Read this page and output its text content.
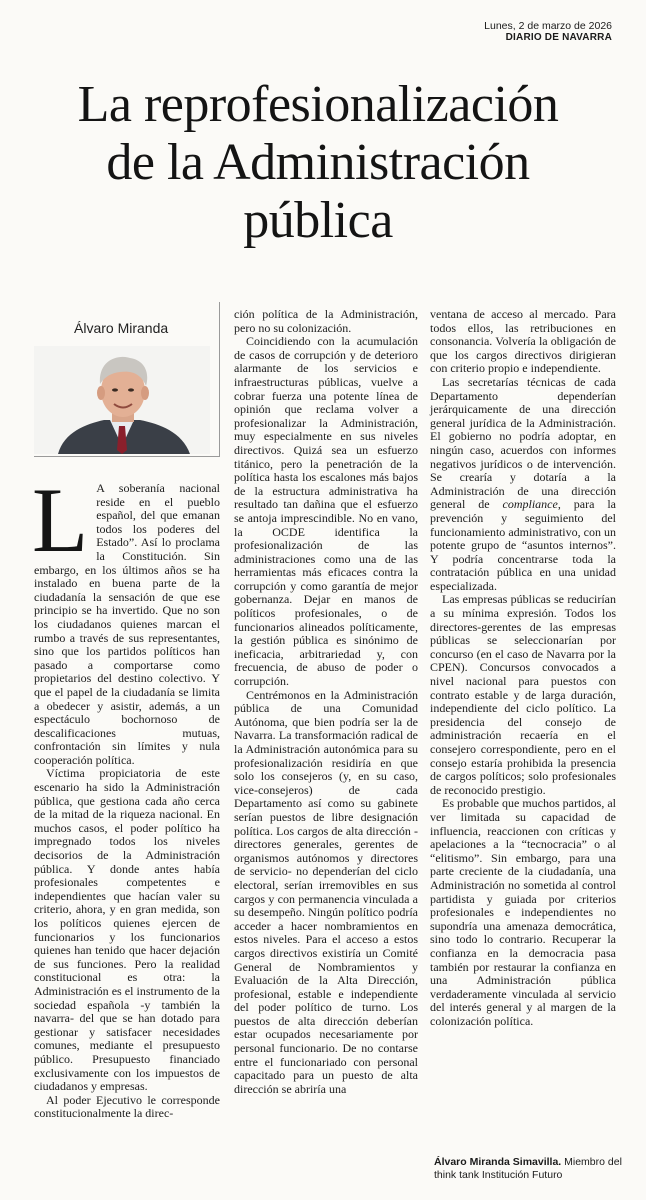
Lunes, 2 de marzo de 2026
DIARIO DE NAVARRA
La reprofesionalización
de la Administración
pública
Álvaro Miranda

L A soberanía nacional reside en el pueblo español, del que emanan todos los poderes del Estado”. Así lo proclama la Constitución. Sin embargo, en los últimos años se ha instalado en buena parte de la ciudadanía la sensación de que ese principio se ha invertido. Que no son los ciudadanos quienes marcan el rumbo a través de sus representantes, sino que los partidos políticos han pasado a comportarse como propietarios del destino colectivo. Y que el papel de la ciudadanía se limita a obedecer y asistir, además, a un espectáculo bochornoso de descalificaciones mutuas, confrontación sin límites y nula cooperación política.

Víctima propiciatoria de este escenario ha sido la Administración pública, que gestiona cada año cerca de la mitad de la riqueza nacional. En muchos casos, el poder político ha impregnado todos los niveles decisorios de la Administración pública. Y donde antes había profesionales competentes e independientes que hacían valer su criterio, ahora, y en gran medida, son los políticos quienes ejercen de funcionarios y los funcionarios quienes han tenido que hacer dejación de sus funciones. Pero la realidad constitucional es otra: la Administración es el instrumento de la sociedad española -y también la navarra- del que se han dotado para gestionar y satisfacer necesidades comunes, mediante el presupuesto público. Presupuesto financiado exclusivamente con los impuestos de ciudadanos y empresas.

Al poder Ejecutivo le corresponde constitucionalmente la direc-

ción política de la Administración, pero no su colonización.

Coincidiendo con la acumulación de casos de corrupción y de deterioro alarmante de los servicios e infraestructuras públicas, vuelve a cobrar fuerza una potente línea de opinión que reclama volver a profesionalizar la Administración, muy especialmente en sus niveles directivos. Quizá sea un esfuerzo titánico, pero la penetración de la política hasta los escalones más bajos de la estructura administrativa ha resultado tan dañina que el esfuerzo se antoja imprescindible. No en vano, la OCDE identifica la profesionalización de las administraciones como una de las herramientas más eficaces contra la corrupción y como garantía de mejor gobernanza. Dejar en manos de políticos profesionales, o de funcionarios alineados políticamente, la gestión pública es sinónimo de ineficacia, arbitrariedad y, con frecuencia, de abuso de poder o corrupción.

Centrémonos en la Administración pública de una Comunidad Autónoma, que bien podría ser la de Navarra. La transformación radical de la Administración autonómica para su profesionalización residiría en que solo los consejeros (y, en su caso, vice-consejeros) de cada Departamento así como su gabinete serían puestos de libre designación política. Los cargos de alta dirección -directores generales, gerentes de organismos autónomos y directores de servicio- no dependerían del ciclo electoral, serían irremovibles en sus cargos y con permanencia vinculada a su desempeño. Ningún político podría acceder a hacer nombramientos en estos niveles. Para el acceso a estos cargos directivos existiría un Comité General de Nombramientos y Evaluación de la Alta Dirección, profesional, estable e independiente del poder político de turno. Los puestos de alta dirección deberían estar ocupados necesariamente por personal funcionario. De no contarse entre el funcionariado con personal capacitado para un puesto de alta dirección se abriría una

ventana de acceso al mercado. Para todos ellos, las retribuciones en consonancia. Volvería la obligación de que los cargos directivos dirigieran con criterio propio e independiente.

Las secretarías técnicas de cada Departamento dependerían jerárquicamente de una dirección general jurídica de la Administración. El gobierno no podría adoptar, en ningún caso, acuerdos con informes negativos jurídicos o de intervención. Se crearía y dotaría a la Administración de una dirección general de compliance, para la prevención y seguimiento del funcionamiento administrativo, con un potente grupo de “asuntos internos”. Y podría concentrarse toda la contratación pública en una unidad especializada.

Las empresas públicas se reducirían a su mínima expresión. Todos los directores-gerentes de las empresas públicas se seleccionarían por concurso (en el caso de Navarra por la CPEN). Concursos convocados a nivel nacional para puestos con contrato estable y de larga duración, independiente del ciclo político. La presidencia del consejo de administración recaería en el consejero correspondiente, pero en el consejo estaría prohibida la presencia de cargos políticos; solo profesionales de reconocido prestigio.

Es probable que muchos partidos, al ver limitada su capacidad de influencia, reaccionen con críticas y apelaciones a la “tecnocracia” o al “elitismo”. Sin embargo, para una parte creciente de la ciudadanía, una Administración no sometida al control partidista y guiada por criterios profesionales e independientes no supondría una amenaza democrática, sino todo lo contrario. Recuperar la confianza en la democracia pasa también por restaurar la confianza en una Administración pública verdaderamente vinculada al servicio del interés general y al margen de la colonización política.

Álvaro Miranda Simavilla. Miembro del think tank Institución Futuro
